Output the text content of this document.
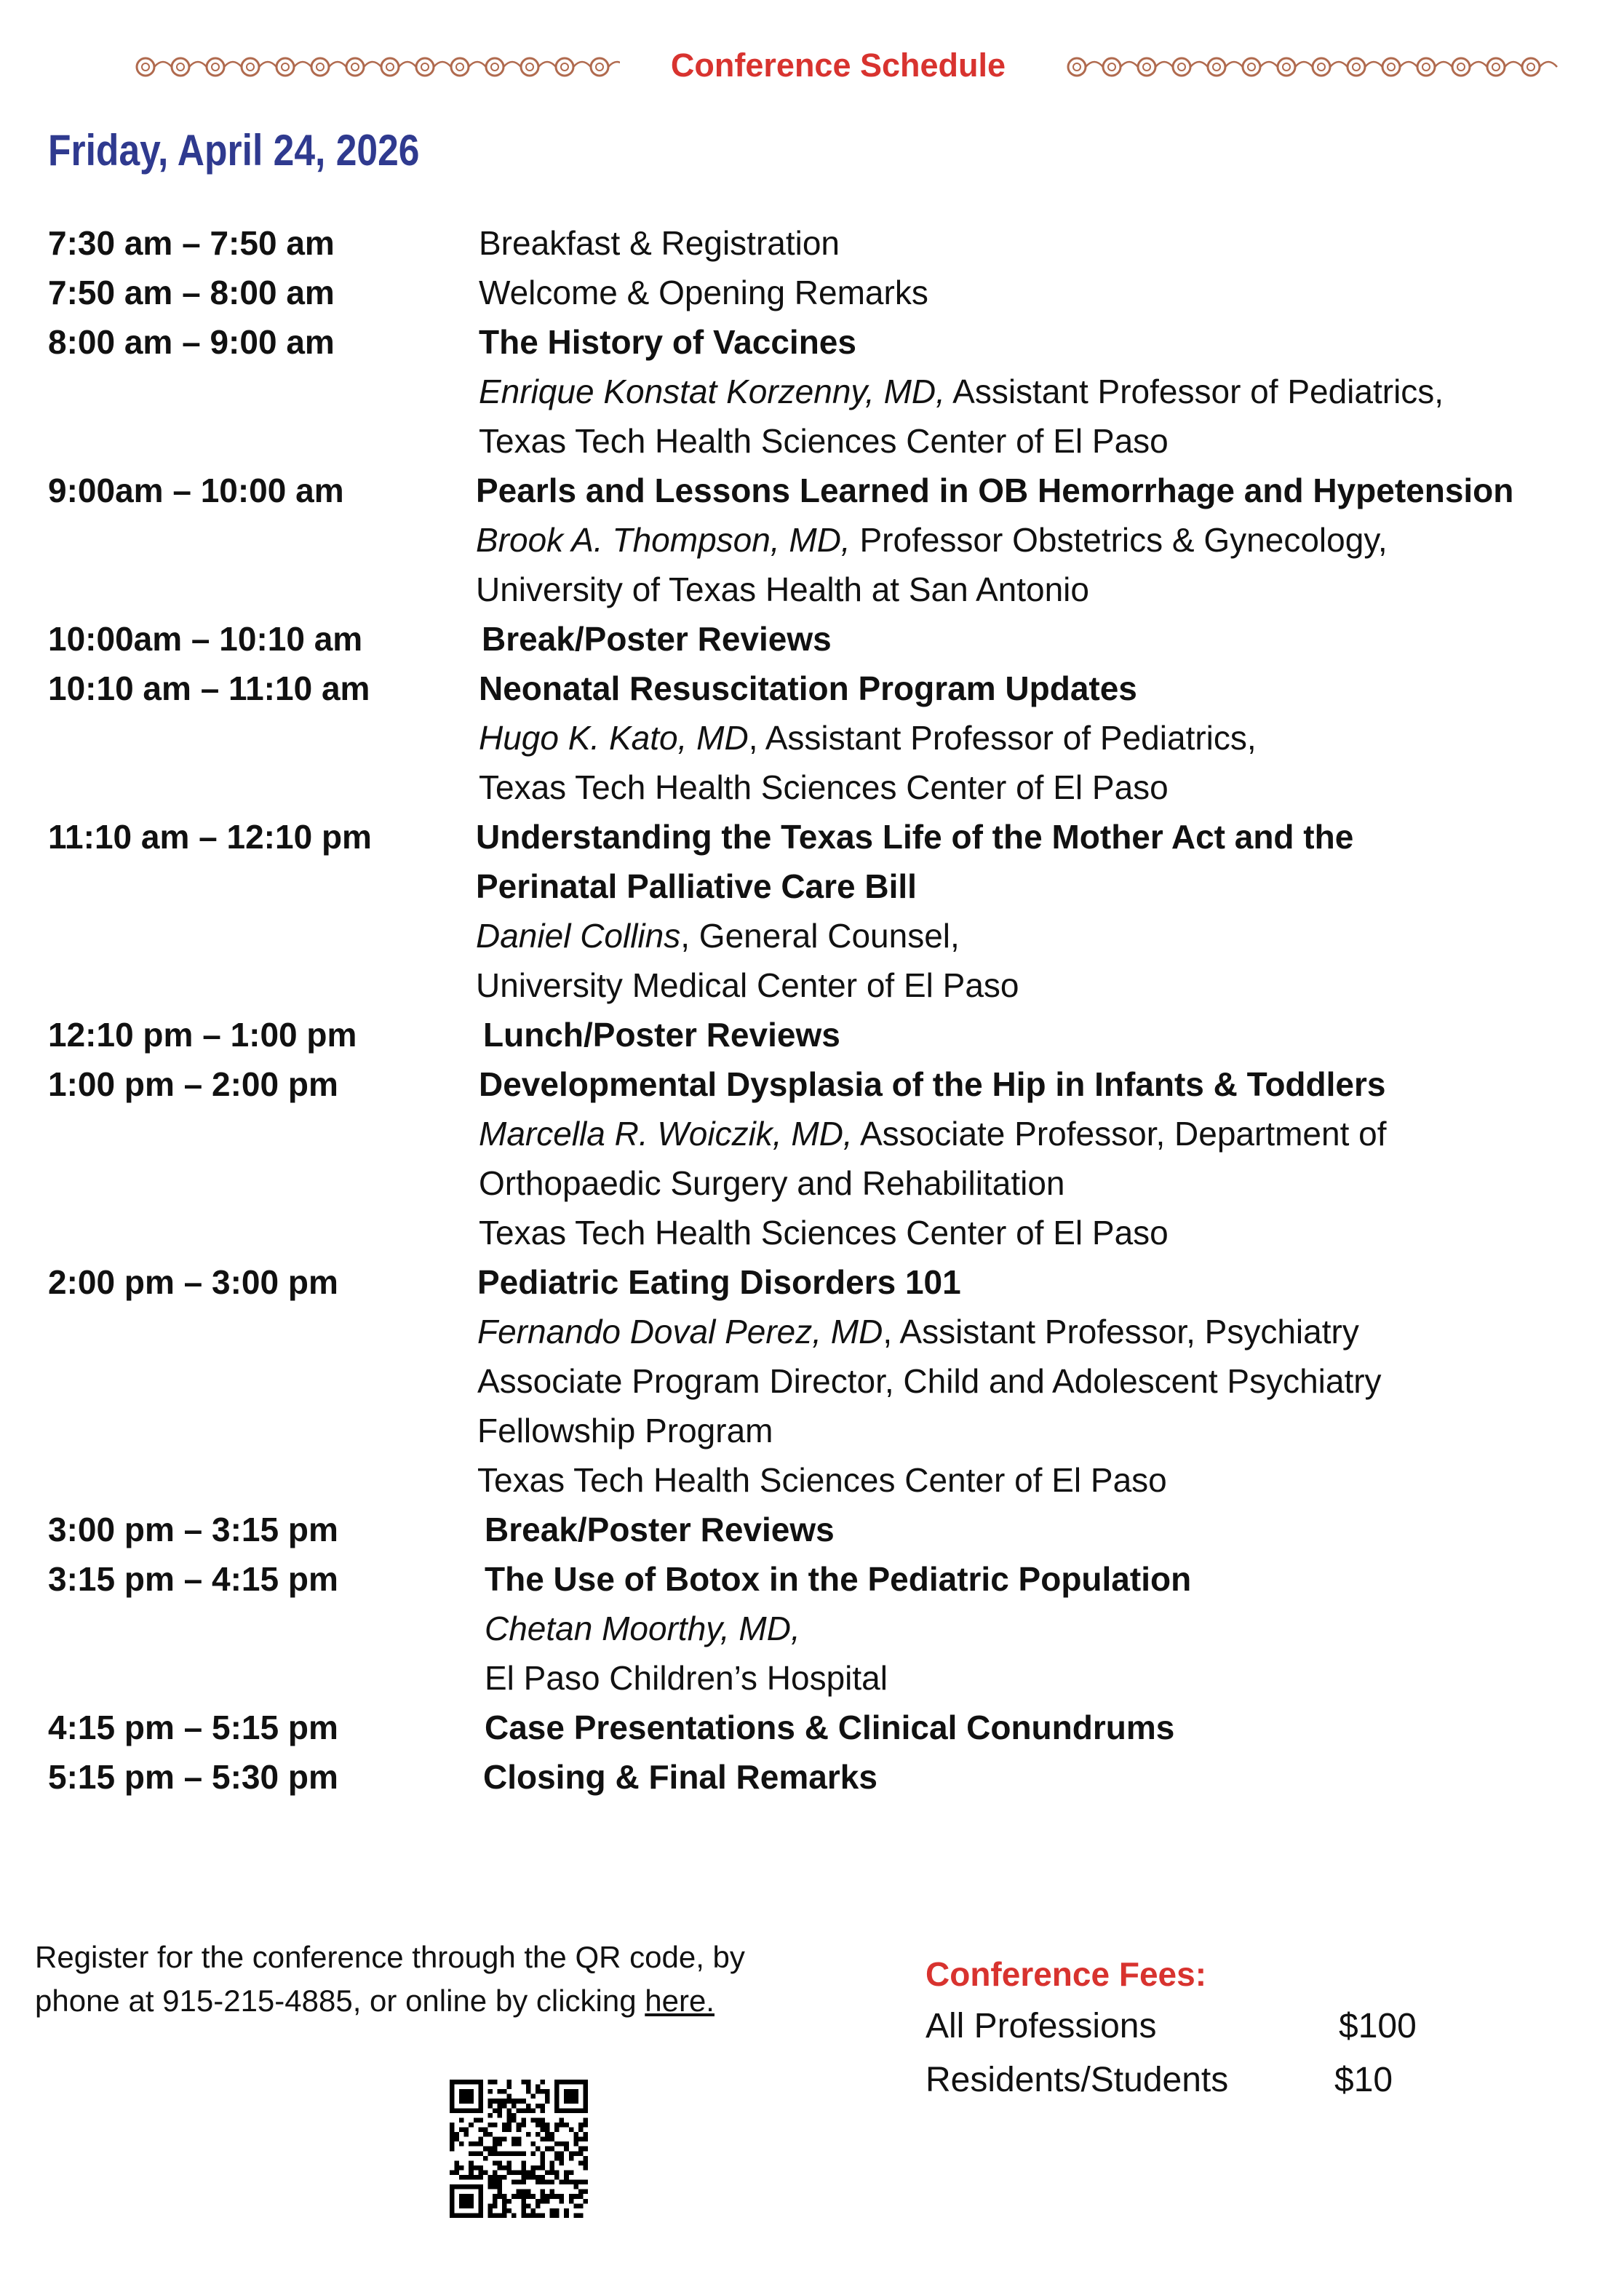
Conference Schedule
Friday, April 24, 2026
7:30 am – 7:50 am	Breakfast & Registration
7:50 am – 8:00 am	Welcome & Opening Remarks
8:00 am – 9:00 am	The History of Vaccines
Enrique Konstat Korzenny, MD, Assistant Professor of Pediatrics,
Texas Tech Health Sciences Center of El Paso
9:00am – 10:00 am	Pearls and Lessons Learned in OB Hemorrhage and Hypetension
Brook A. Thompson, MD, Professor Obstetrics & Gynecology,
University of Texas Health at San Antonio
10:00am – 10:10 am	Break/Poster Reviews
10:10 am – 11:10 am	Neonatal Resuscitation Program Updates
Hugo K. Kato, MD, Assistant Professor of Pediatrics,
Texas Tech Health Sciences Center of El Paso
11:10 am – 12:10 pm	Understanding the Texas Life of the Mother Act and the
Perinatal Palliative Care Bill
Daniel Collins, General Counsel,
University Medical Center of El Paso
12:10 pm – 1:00 pm	Lunch/Poster Reviews
1:00 pm – 2:00 pm	Developmental Dysplasia of the Hip in Infants & Toddlers
Marcella R. Woiczik, MD, Associate Professor, Department of
Orthopaedic Surgery and Rehabilitation
Texas Tech Health Sciences Center of El Paso
2:00 pm – 3:00 pm	Pediatric Eating Disorders 101
Fernando Doval Perez, MD, Assistant Professor, Psychiatry
Associate Program Director, Child and Adolescent Psychiatry
Fellowship Program
Texas Tech Health Sciences Center of El Paso
3:00 pm – 3:15 pm	Break/Poster Reviews
3:15 pm – 4:15 pm	The Use of Botox in the Pediatric Population
Chetan Moorthy, MD,
El Paso Children’s Hospital
4:15 pm – 5:15 pm	Case Presentations & Clinical Conundrums
5:15 pm – 5:30 pm	Closing & Final Remarks
Register for the conference through the QR code, by phone at 915-215-4885, or online by clicking here.
Conference Fees:
All Professions	$100
Residents/Students	$10
